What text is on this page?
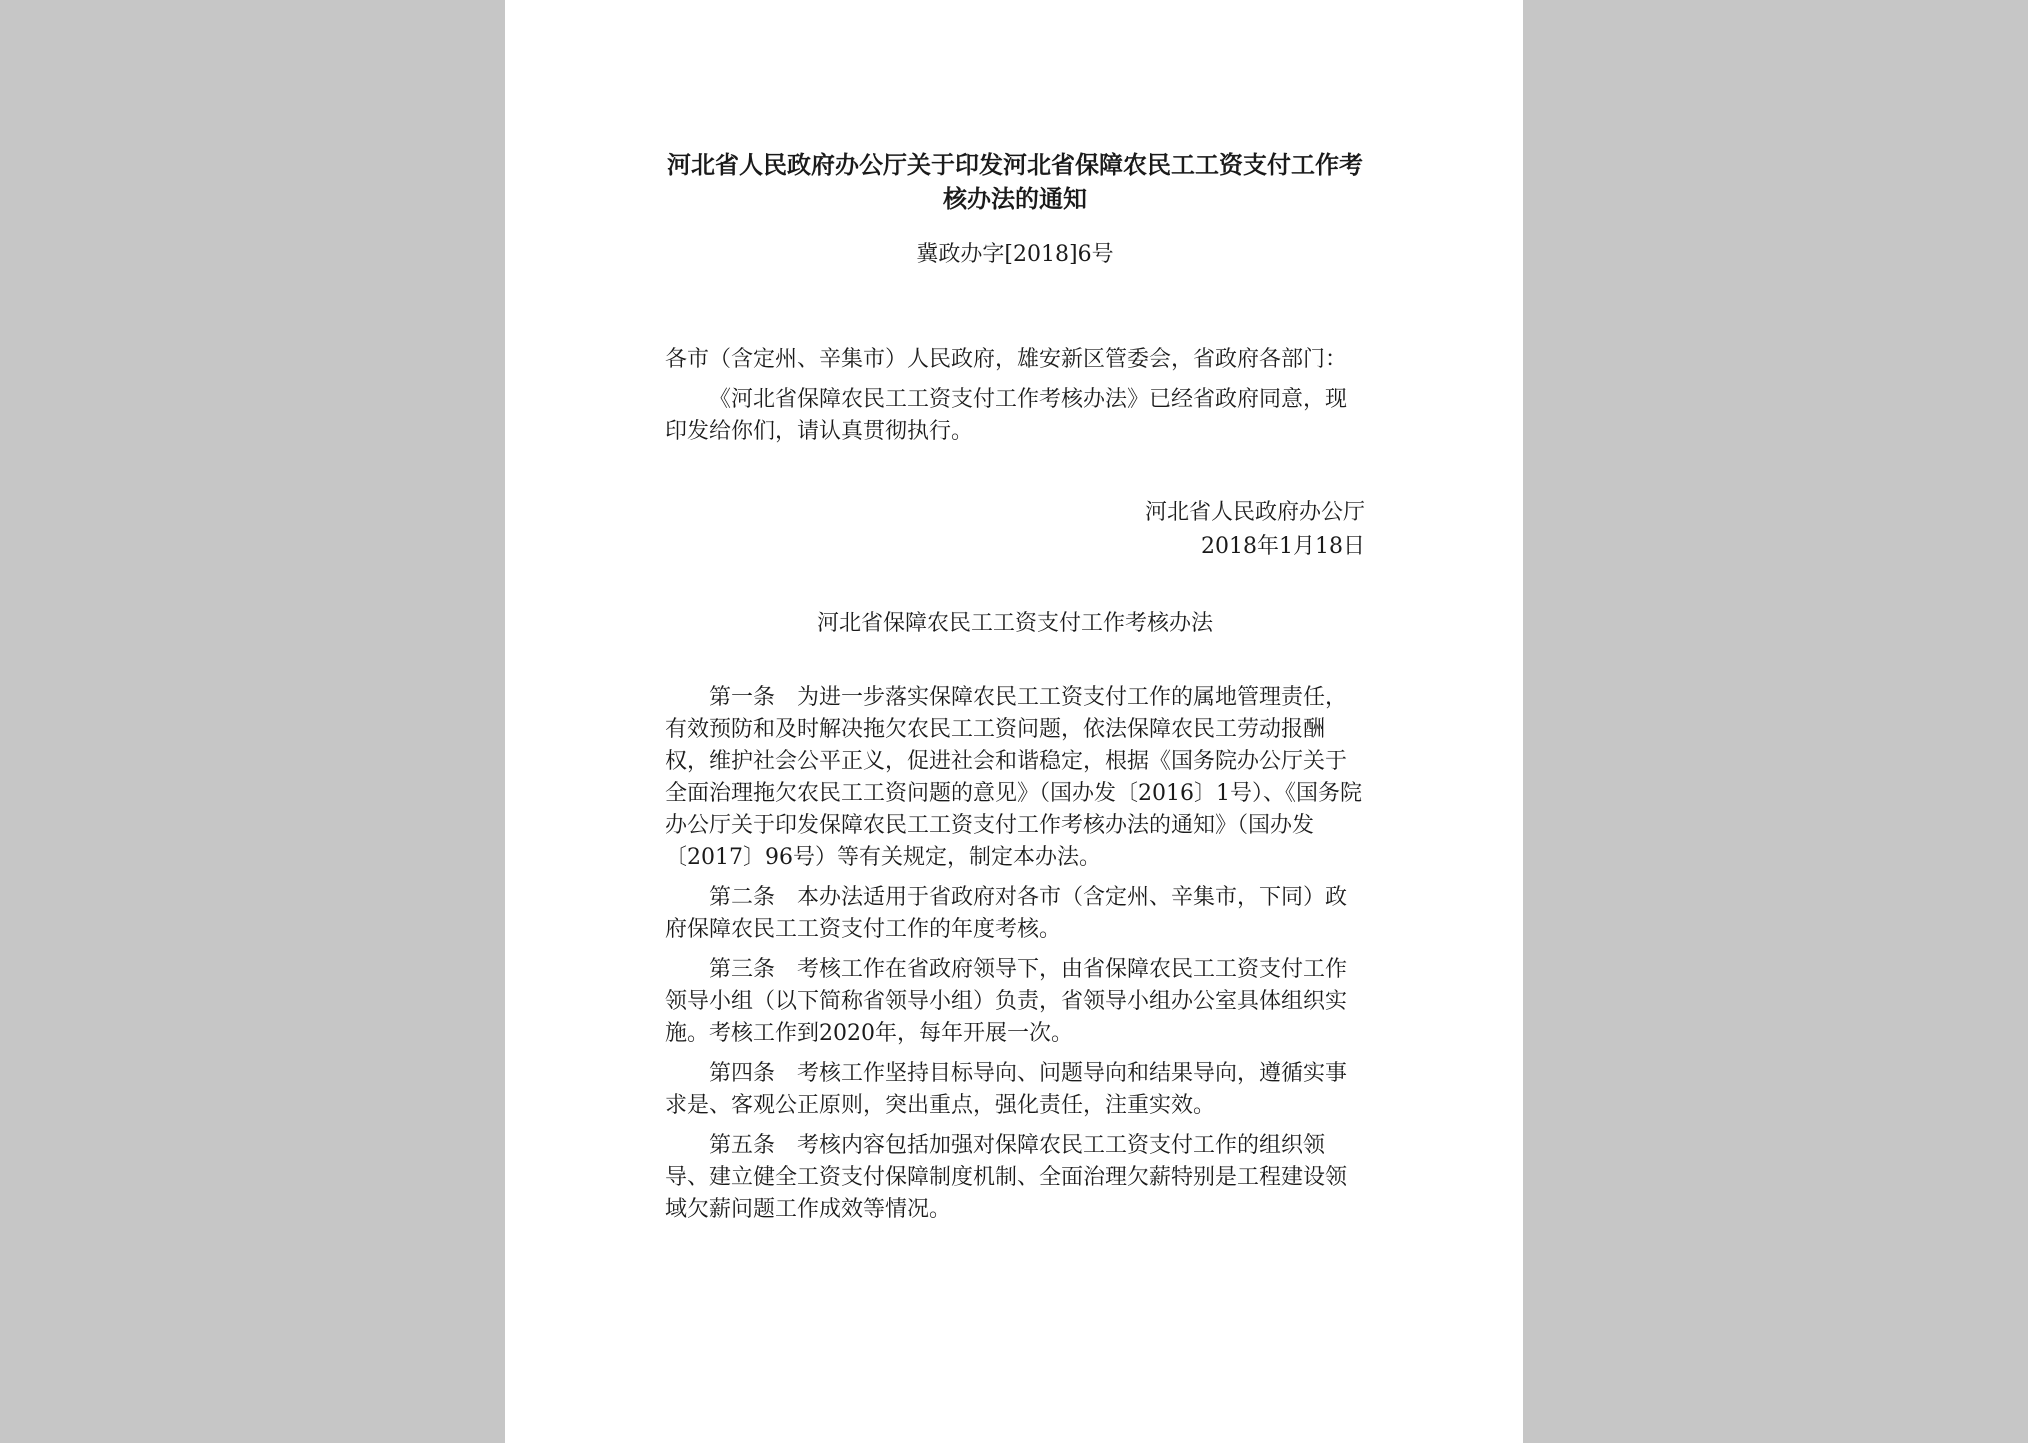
河北省人民政府办公厅关于印发河北省保障农民工工资支付工作考核办法的通知
冀政办字[2018]6号
各市（含定州、辛集市）人民政府，雄安新区管委会，省政府各部门：
《河北省保障农民工工资支付工作考核办法》已经省政府同意，现印发给你们，请认真贯彻执行。
河北省人民政府办公厅
2018年1月18日
河北省保障农民工工资支付工作考核办法
第一条　为进一步落实保障农民工工资支付工作的属地管理责任，有效预防和及时解决拖欠农民工工资问题，依法保障农民工劳动报酬权，维护社会公平正义，促进社会和谐稳定，根据《国务院办公厅关于全面治理拖欠农民工工资问题的意见》（国办发〔2016〕1号）、《国务院办公厅关于印发保障农民工工资支付工作考核办法的通知》（国办发〔2017〕96号）等有关规定，制定本办法。
第二条　本办法适用于省政府对各市（含定州、辛集市，下同）政府保障农民工工资支付工作的年度考核。
第三条　考核工作在省政府领导下，由省保障农民工工资支付工作领导小组（以下简称省领导小组）负责，省领导小组办公室具体组织实施。考核工作到2020年，每年开展一次。
第四条　考核工作坚持目标导向、问题导向和结果导向，遵循实事求是、客观公正原则，突出重点，强化责任，注重实效。
第五条　考核内容包括加强对保障农民工工资支付工作的组织领导、建立健全工资支付保障制度机制、全面治理欠薪特别是工程建设领域欠薪问题工作成效等情况。
